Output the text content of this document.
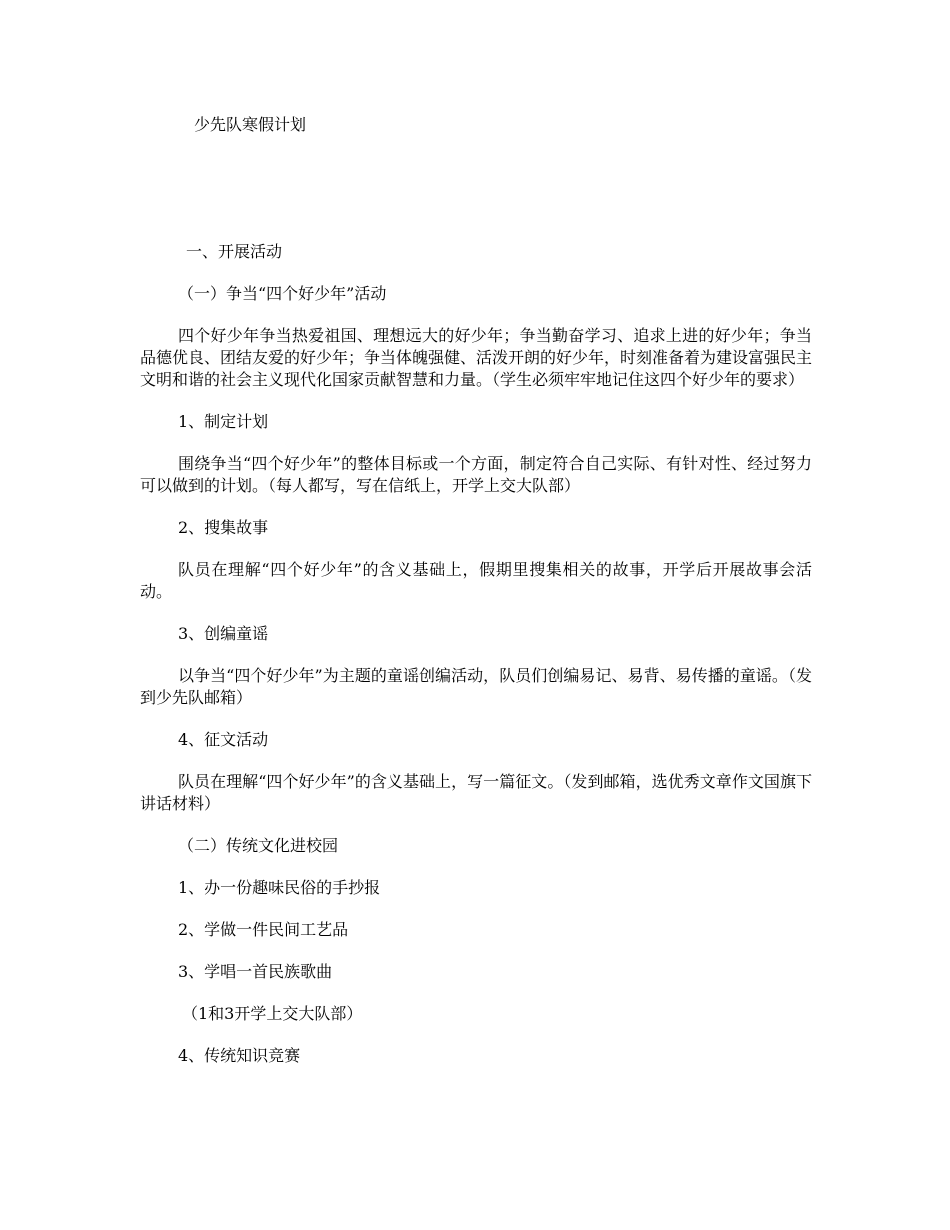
少先队寒假计划

一、开展活动

（一）争当“四个好少年”活动

四个好少年争当热爱祖国、理想远大的好少年；争当勤奋学习、追求上进的好少年；争当品德优良、团结友爱的好少年；争当体魄强健、活泼开朗的好少年，时刻准备着为建设富强民主文明和谐的社会主义现代化国家贡献智慧和力量。（学生必须牢牢地记住这四个好少年的要求）

1、制定计划

围绕争当“四个好少年”的整体目标或一个方面，制定符合自己实际、有针对性、经过努力可以做到的计划。（每人都写，写在信纸上，开学上交大队部）

2、搜集故事

队员在理解“四个好少年”的含义基础上，假期里搜集相关的故事，开学后开展故事会活动。

3、创编童谣

以争当“四个好少年”为主题的童谣创编活动，队员们创编易记、易背、易传播的童谣。（发到少先队邮箱）

4、征文活动

队员在理解“四个好少年”的含义基础上，写一篇征文。（发到邮箱，选优秀文章作文国旗下讲话材料）

（二）传统文化进校园

1、办一份趣味民俗的手抄报

2、学做一件民间工艺品

3、学唱一首民族歌曲

（1和3开学上交大队部）

4、传统知识竞赛
